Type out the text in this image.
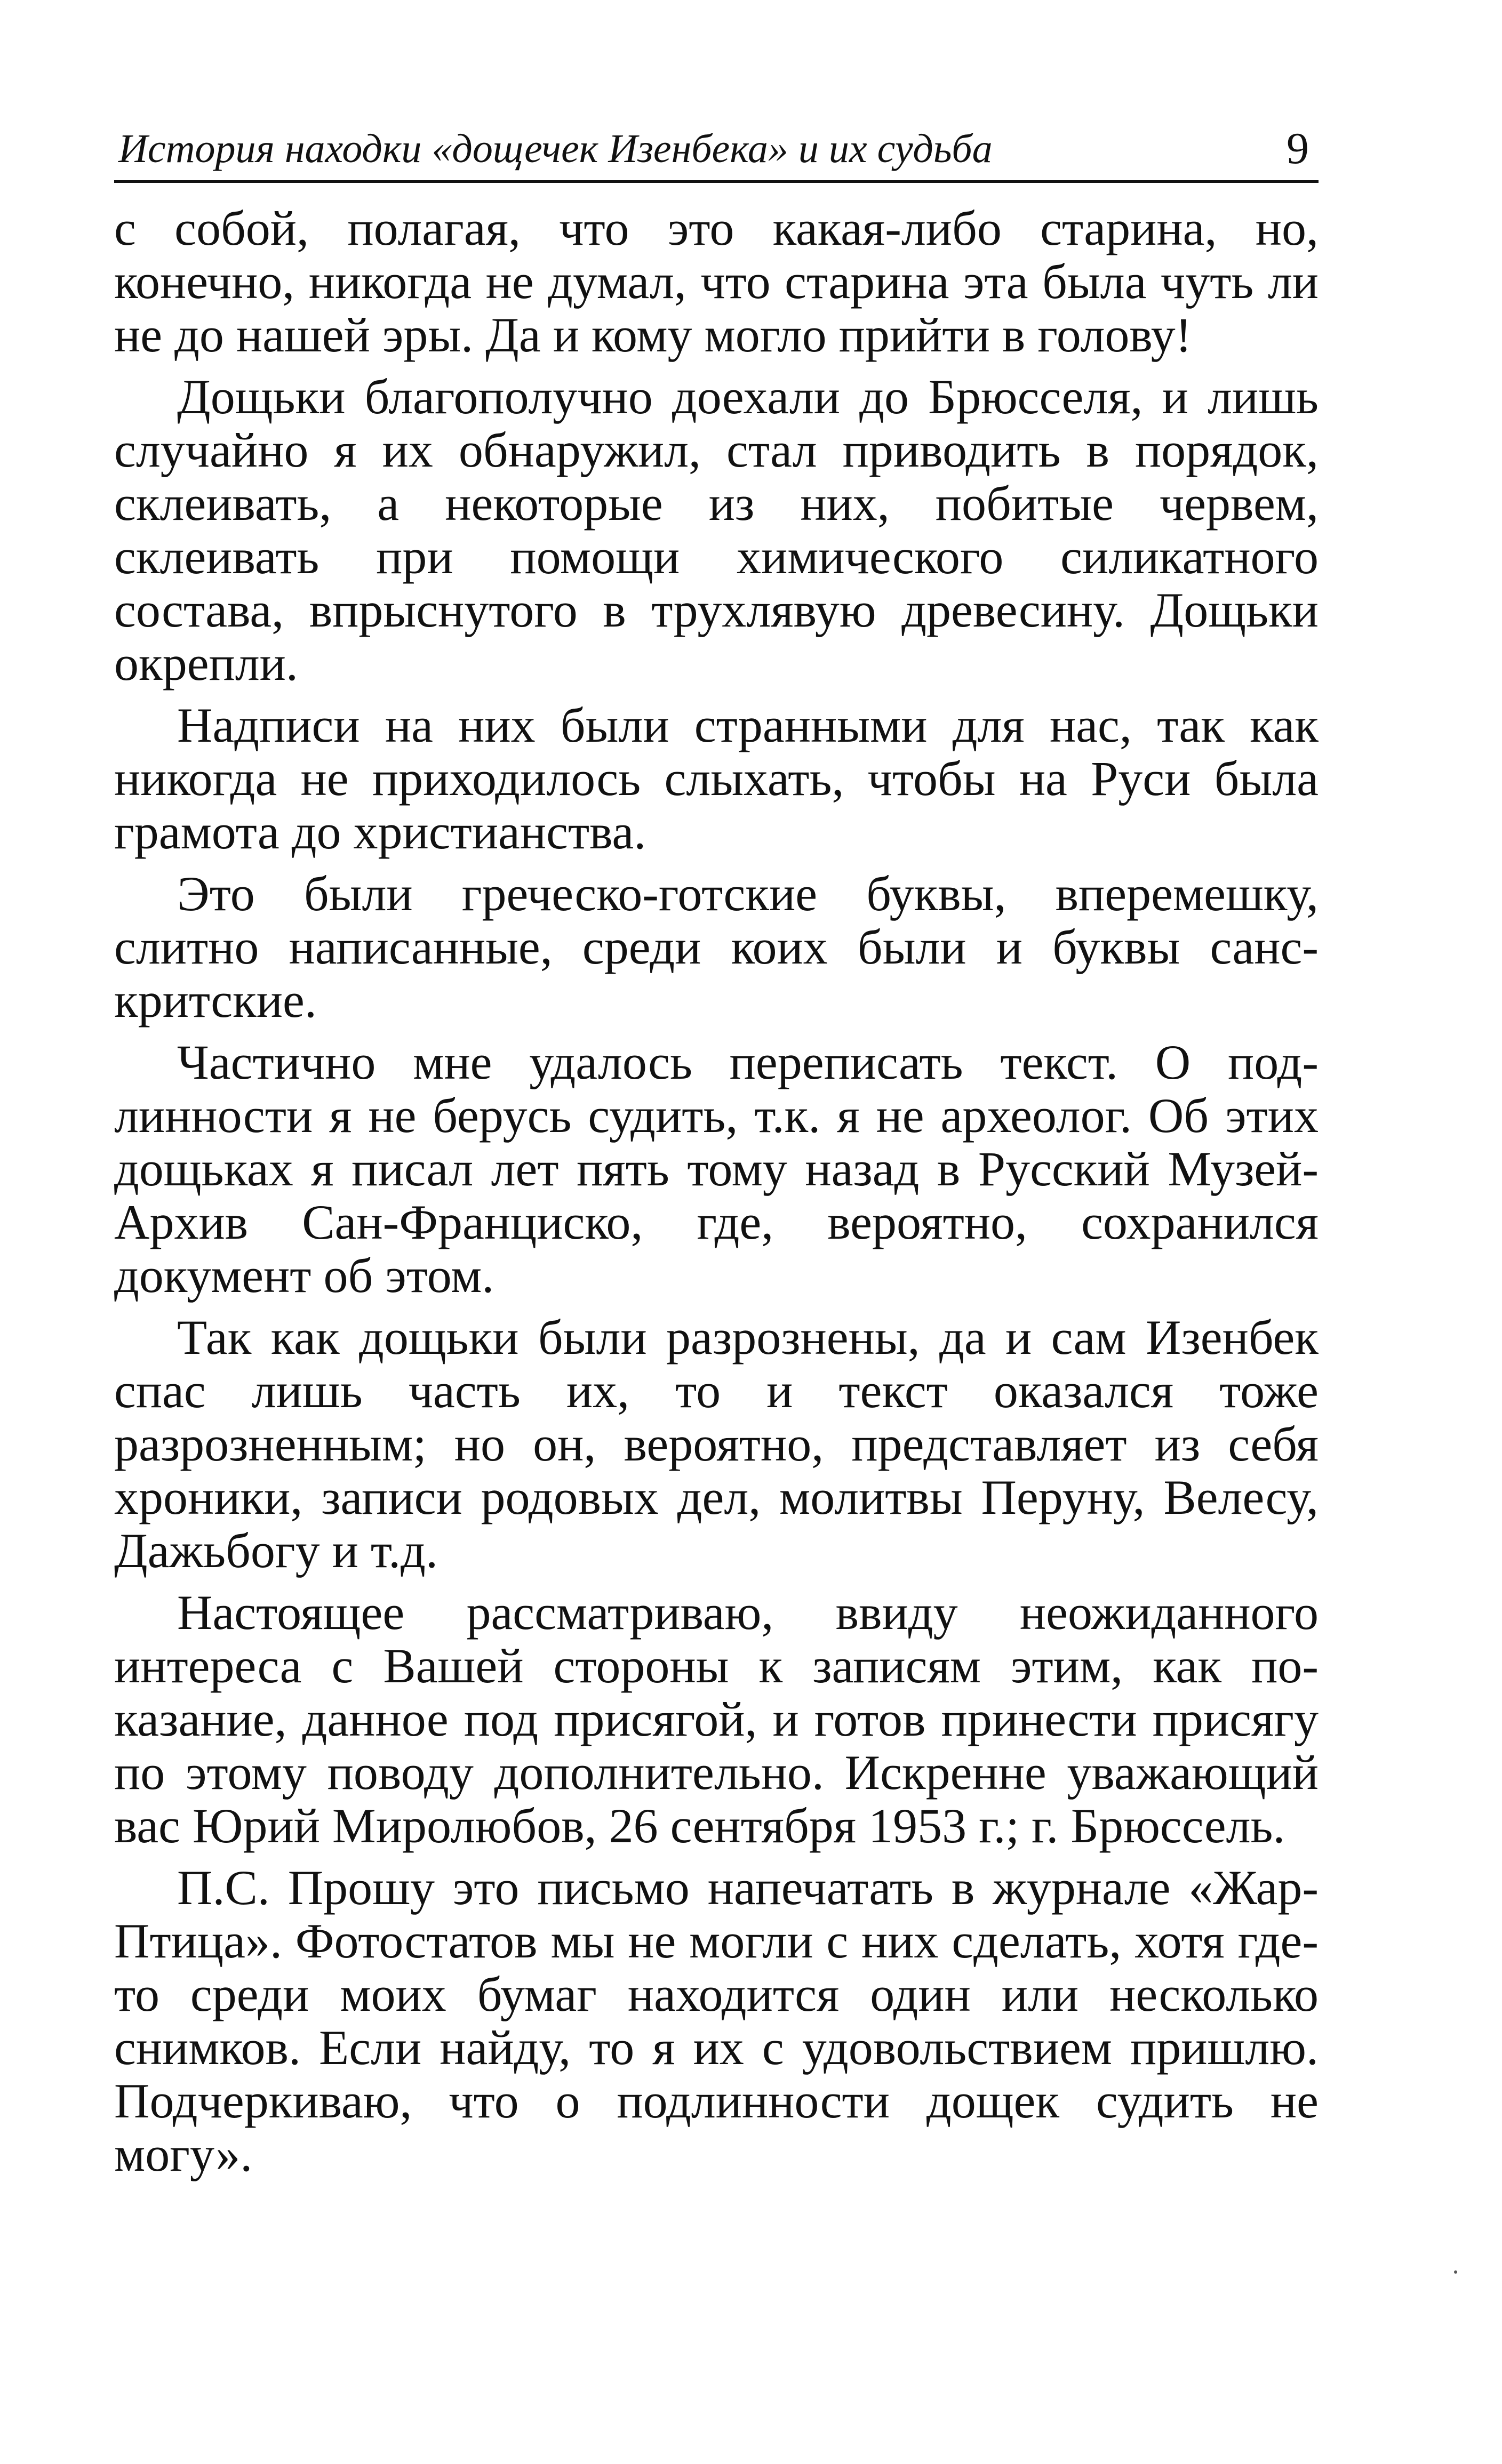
История находки «дощечек Изенбека» и их судьба	9

с собой, полагая, что это какая-либо старина, но, конечно, никогда не думал, что старина эта была чуть ли не до нашей эры. Да и кому могло прийти в голову!

Дощьки благополучно доехали до Брюсселя, и лишь случайно я их обнаружил, стал приводить в порядок, склеивать, а некоторые из них, побитые червем, склеивать при помощи химического силикатного состава, впрыснутого в трухлявую древесину. Дощьки окрепли.

Надписи на них были странными для нас, так как никогда не приходилось слыхать, чтобы на Руси была грамота до христианства.

Это были греческо-готские буквы, вперемешку, слитно написанные, среди коих были и буквы санскритские.

Частично мне удалось переписать текст. О подлинности я не берусь судить, т.к. я не археолог. Об этих дощьках я писал лет пять тому назад в Русский Музей-Архив Сан-Франциско, где, вероятно, сохранился документ об этом.

Так как дощьки были разрознены, да и сам Изенбек спас лишь часть их, то и текст оказался тоже разрозненным; но он, вероятно, представляет из себя хроники, записи родовых дел, молитвы Перуну, Велесу, Дажьбогу и т.д.

Настоящее рассматриваю, ввиду неожиданного интереса с Вашей стороны к записям этим, как показание, данное под присягой, и готов принести присягу по этому поводу дополнительно. Искренне уважающий вас Юрий Миролюбов, 26 сентября 1953 г.; г. Брюссель.

П.С. Прошу это письмо напечатать в журнале «Жар-Птица». Фотостатов мы не могли с них сделать, хотя где-то среди моих бумаг находится один или несколько снимков. Если найду, то я их с удовольствием пришлю. Подчеркиваю, что о подлинности дощек судить не могу».
